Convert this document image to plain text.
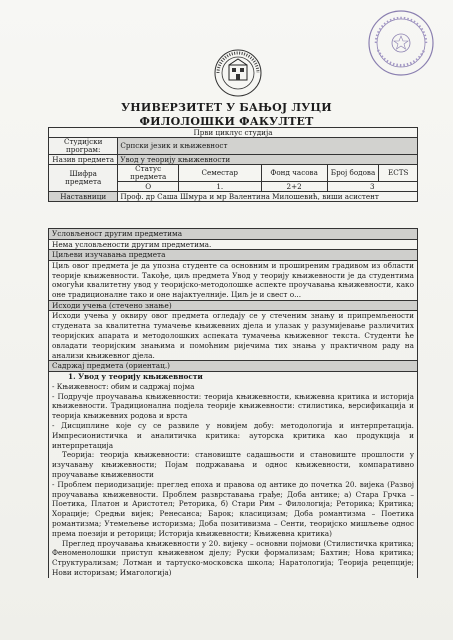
УНИВЕРЗИТЕТ У БАЊОЈ ЛУЦИ
ФИЛОЛОШКИ ФАКУЛТЕТ
Први циклус студија					
Студијски програм:	Српски језик и књижевност				
Назив предмета	Увод у теорију књижевности				
Шифра предмета	Статус предмета	Семестар	Фонд часова	Број бодова	ECTS
	О	1.	2+2	3	
Наставници	Проф. др Саша Шмура и мр Валентина Милошевић, виши асистент				
Условљеност другим предметима

Нема условљености другим предметима.

Циљеви изучавања предмета

Циљ овог предмета је да упозна студенте са основним и проширеним градивом из области теорије књижевности. Такође, циљ предмета Увод у теорију књижевности је да студентима омогући квалитетну увод у теоријско-методолошке аспекте проучавања књижевности, како оне традиционалне тако и оне најактуелније. Циљ је и свест о...

Исходи учења (стечено знање)

Исходи учења у оквиру овог предмета огледају се у стеченим знању и припремљености студената за квалитетна тумачење књижевних дјела и улазак у разумијевање различитих теоријских апарата и методолошких аспеката тумачења књижевног текста. Студенти ће овладати теоријским знањима и помоћним ријечима тих знања у практичном раду на анализи књижевног дјела.

Садржај предмета (ориентац.)

1. Увод у теорију књижевности

- Књижевност: обим и садржај појма

- Подручје проучавања књижевности: теорија књижевности, књижевна критика и историја књижевности. Традиционална подјела теорије књижевности: стилистика, версификација и теорија књижевних родова и врста

- Дисциплине које су се развиле у новијем добу: методологија и интерпретација. Импресионистичка и аналитичка критика: ауторска критика као продукција и интерпретација

Теорија: теорија књижевности: становиште садашњости и становиште прошлости у изучавању књижевности; Појам подржавања и однос књижевности, компаративно проучавање књижевности

- Проблем периодизације: преглед епоха и правова од антике до почетка 20. вијека (Развој проучавања књижевности. Проблем разврставања грађе; Доба антике; а) Стара Грчка – Поетика, Платон и Аристотел; Реторика, б) Стари Рим – Филологија; Реторика; Критика; Хорације; Средњи вијек; Ренесанса; Барок; класицизам; Доба романтизма – Поетика романтизма; Утемељење историзма; Доба позитивизма – Сенти, теоријско мишљење однос према поезији и реторици; Историја књижевности; Књижевна критика)

Преглед проучавања књижевности у 20. вијеку – основни појмови (Стилистичка критика; Феноменолошки приступ књижевном дјелу; Руски формализам; Бахтин; Нова критика; Структурализам; Лотман и тартуско-московска школа; Наратологија; Теорија рецепције; Нови историзам; Имагологија)
